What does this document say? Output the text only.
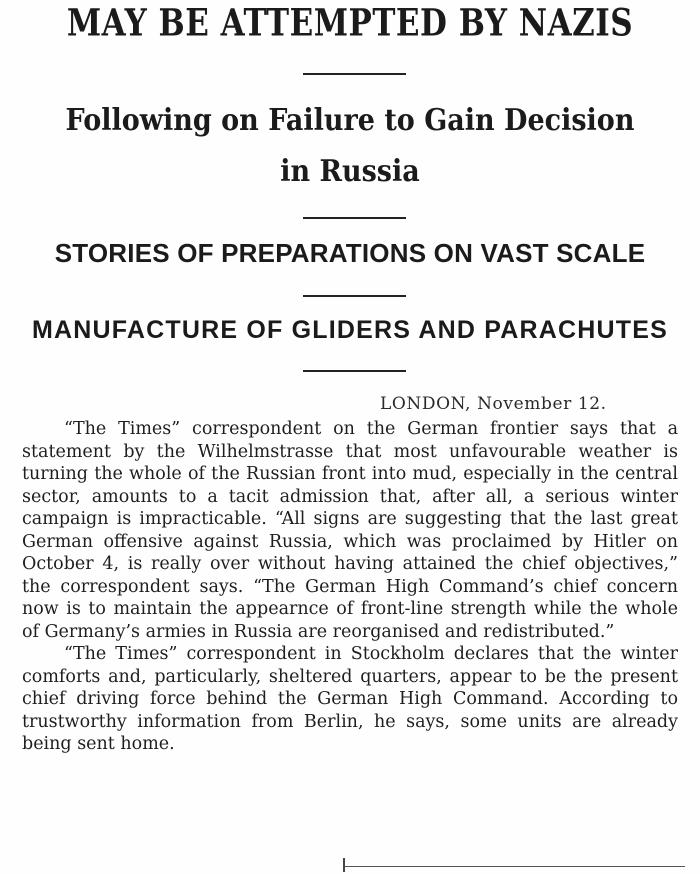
MAY BE ATTEMPTED BY NAZIS
Following on Failure to Gain Decision
in Russia
STORIES OF PREPARATIONS ON VAST SCALE
MANUFACTURE OF GLIDERS AND PARACHUTES
LONDON, November 12.

“The Times” correspondent on the German frontier says that a statement by the Wilhelmstrasse that most unfavourable weather is turning the whole of the Russian front into mud, especially in the central sector, amounts to a tacit admission that, after all, a serious winter campaign is impracticable. “All signs are suggesting that the last great German offensive against Russia, which was proclaimed by Hitler on October 4, is really over without having attained the chief objectives,” the correspondent says. “The German High Command’s chief concern now is to maintain the appearnce of front-line strength while the whole of Germany’s armies in Russia are reorganised and redistributed.”

“The Times” correspondent in Stockholm declares that the winter comforts and, particularly, sheltered quarters, appear to be the present chief driving force behind the German High Command. According to trustworthy information from Berlin, he says, some units are already being sent home.
